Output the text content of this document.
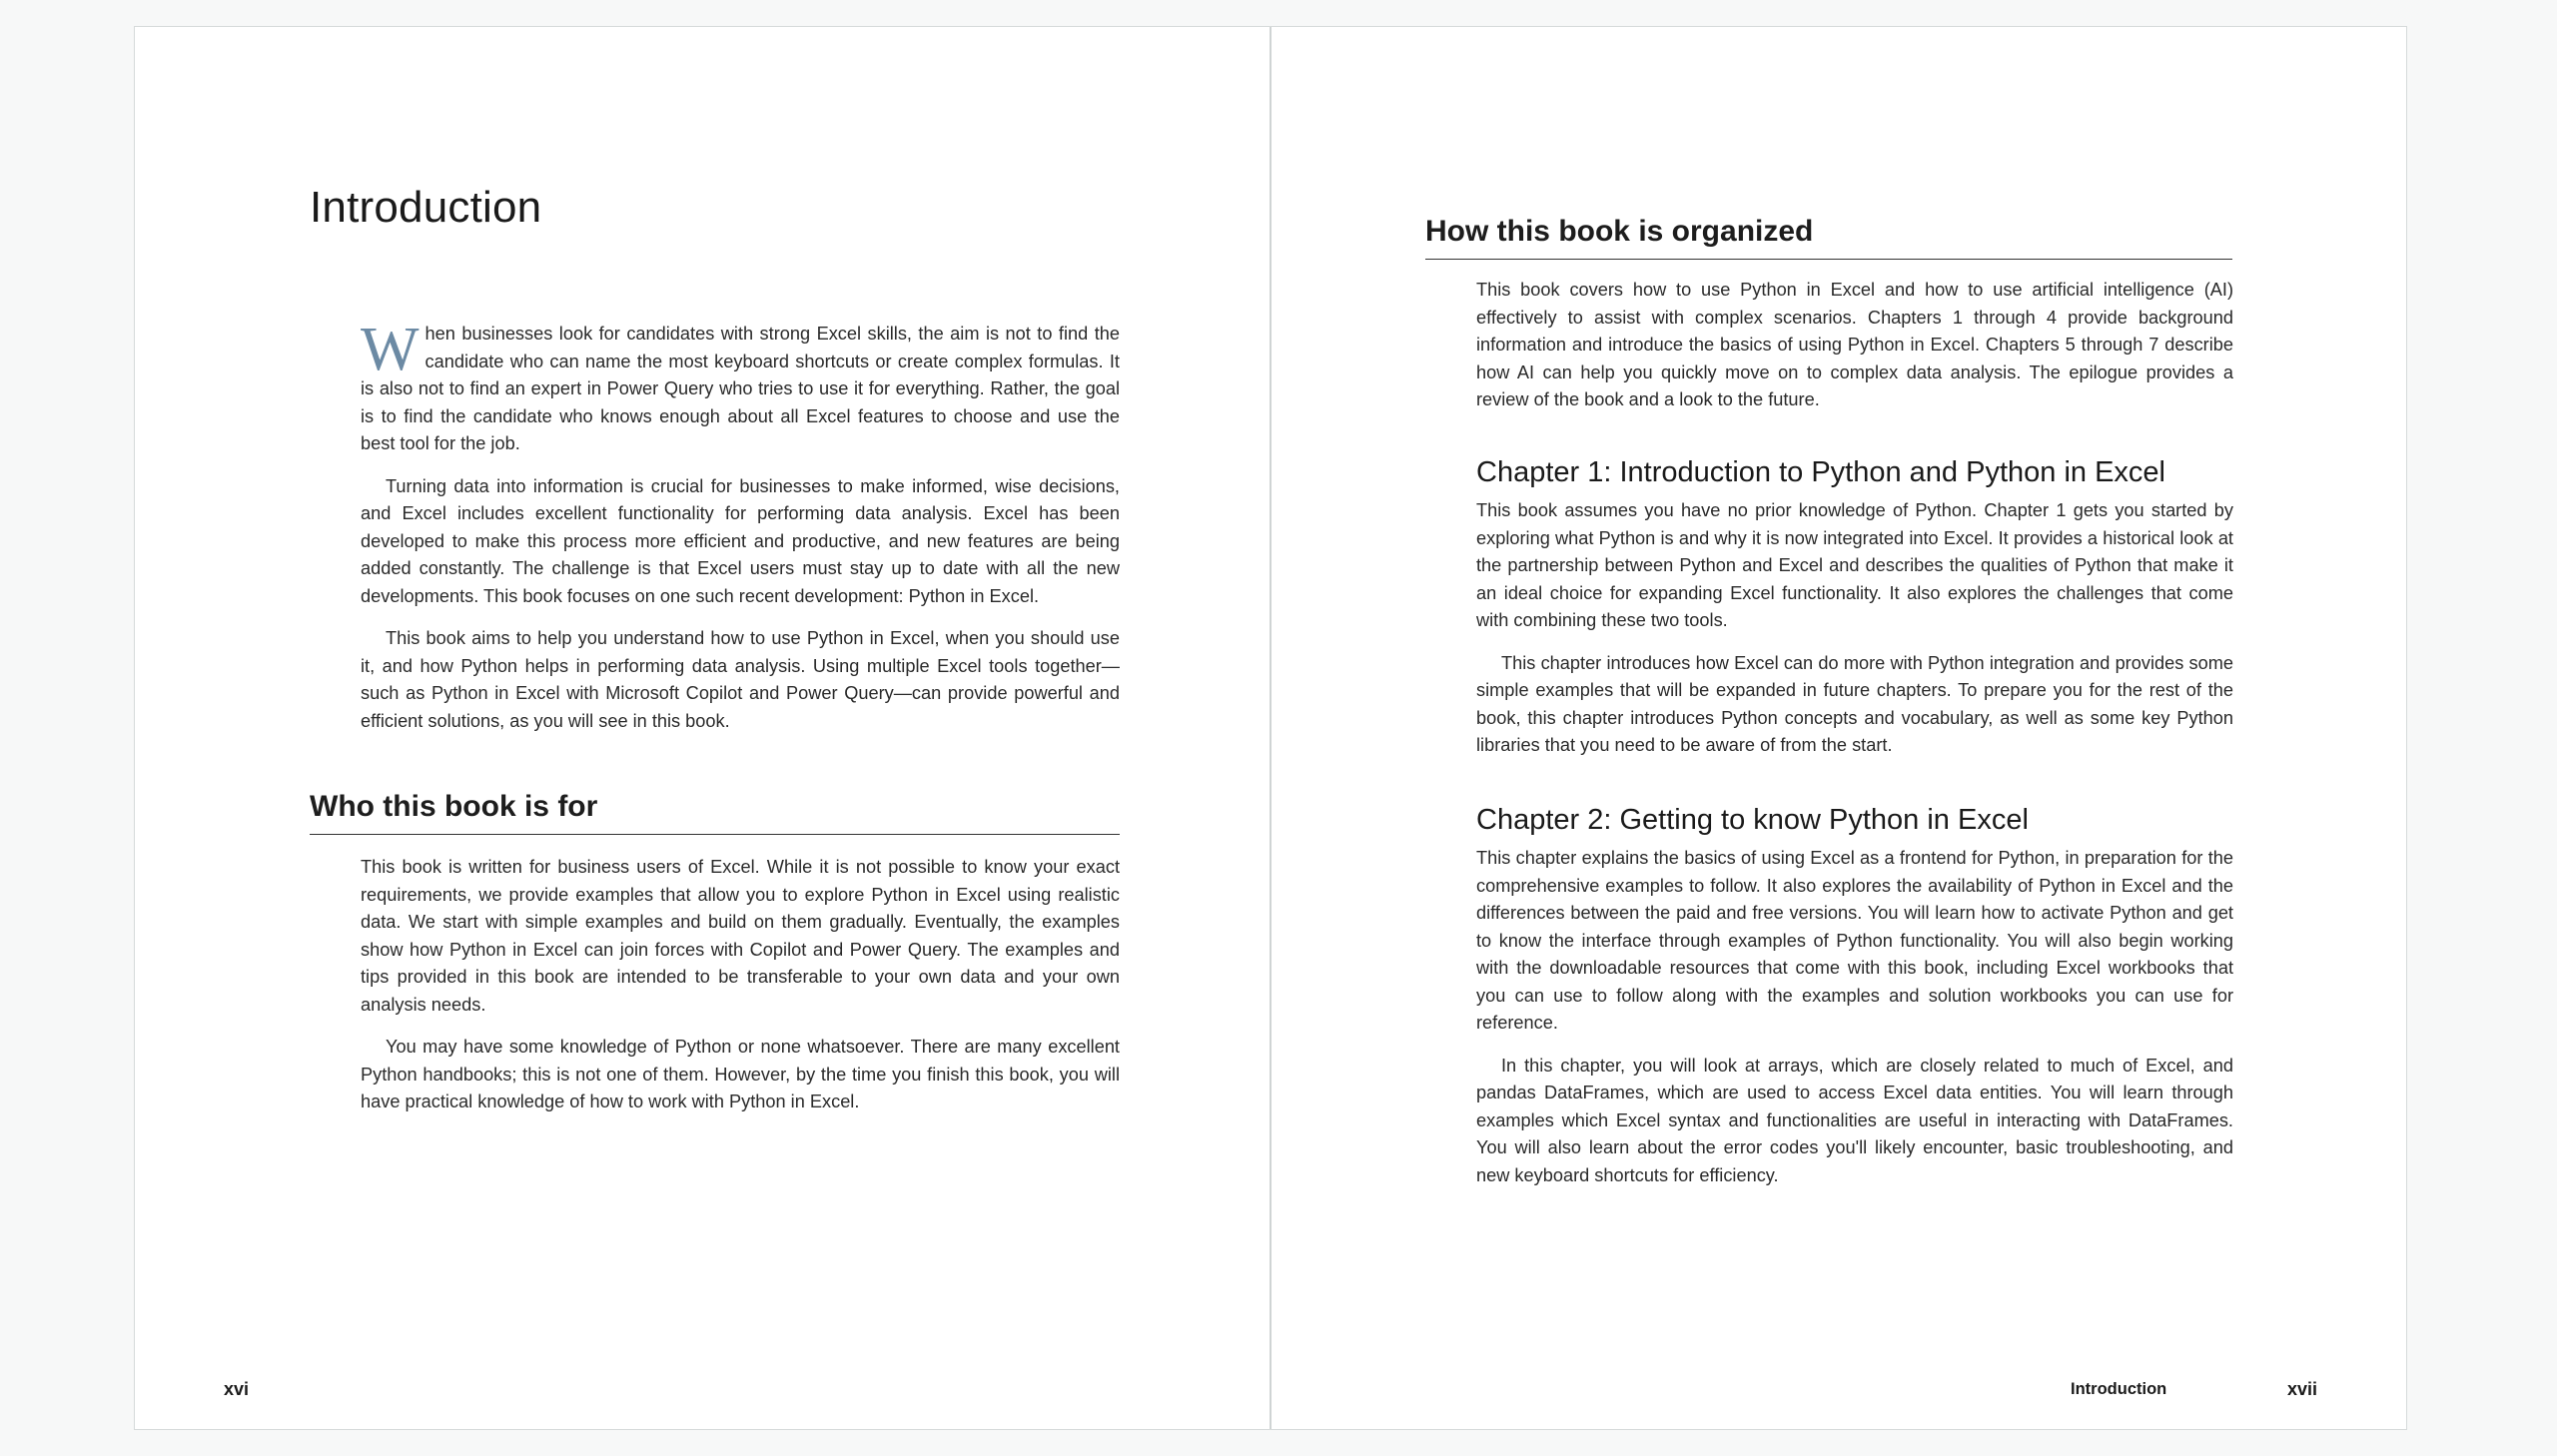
Introduction

When businesses look for candidates with strong Excel skills, the aim is not to find the candidate who can name the most keyboard shortcuts or create complex formulas. It is also not to find an expert in Power Query who tries to use it for everything. Rather, the goal is to find the candidate who knows enough about all Excel features to choose and use the best tool for the job.

Turning data into information is crucial for businesses to make informed, wise decisions, and Excel includes excellent functionality for performing data analysis. Excel has been developed to make this process more efficient and productive, and new features are being added constantly. The challenge is that Excel users must stay up to date with all the new developments. This book focuses on one such recent development: Python in Excel.

This book aims to help you understand how to use Python in Excel, when you should use it, and how Python helps in performing data analysis. Using multiple Excel tools together—such as Python in Excel with Microsoft Copilot and Power Query—can provide powerful and efficient solutions, as you will see in this book.

Who this book is for

This book is written for business users of Excel. While it is not possible to know your exact requirements, we provide examples that allow you to explore Python in Excel using realistic data. We start with simple examples and build on them gradually. Eventually, the examples show how Python in Excel can join forces with Copilot and Power Query. The examples and tips provided in this book are intended to be transferable to your own data and your own analysis needs.

You may have some knowledge of Python or none whatsoever. There are many excellent Python handbooks; this is not one of them. However, by the time you finish this book, you will have practical knowledge of how to work with Python in Excel.

xvi
How this book is organized

This book covers how to use Python in Excel and how to use artificial intelligence (AI) effectively to assist with complex scenarios. Chapters 1 through 4 provide background information and introduce the basics of using Python in Excel. Chapters 5 through 7 describe how AI can help you quickly move on to complex data analysis. The epilogue provides a review of the book and a look to the future.

Chapter 1: Introduction to Python and Python in Excel

This book assumes you have no prior knowledge of Python. Chapter 1 gets you started by exploring what Python is and why it is now integrated into Excel. It provides a historical look at the partnership between Python and Excel and describes the qualities of Python that make it an ideal choice for expanding Excel functionality. It also explores the challenges that come with combining these two tools.

This chapter introduces how Excel can do more with Python integration and provides some simple examples that will be expanded in future chapters. To prepare you for the rest of the book, this chapter introduces Python concepts and vocabulary, as well as some key Python libraries that you need to be aware of from the start.

Chapter 2: Getting to know Python in Excel

This chapter explains the basics of using Excel as a frontend for Python, in preparation for the comprehensive examples to follow. It also explores the availability of Python in Excel and the differences between the paid and free versions. You will learn how to activate Python and get to know the interface through examples of Python functionality. You will also begin working with the downloadable resources that come with this book, including Excel workbooks that you can use to follow along with the examples and solution workbooks you can use for reference.

In this chapter, you will look at arrays, which are closely related to much of Excel, and pandas DataFrames, which are used to access Excel data entities. You will learn through examples which Excel syntax and functionalities are useful in interacting with DataFrames. You will also learn about the error codes you'll likely encounter, basic troubleshooting, and new keyboard shortcuts for efficiency.

Introduction	xvii
